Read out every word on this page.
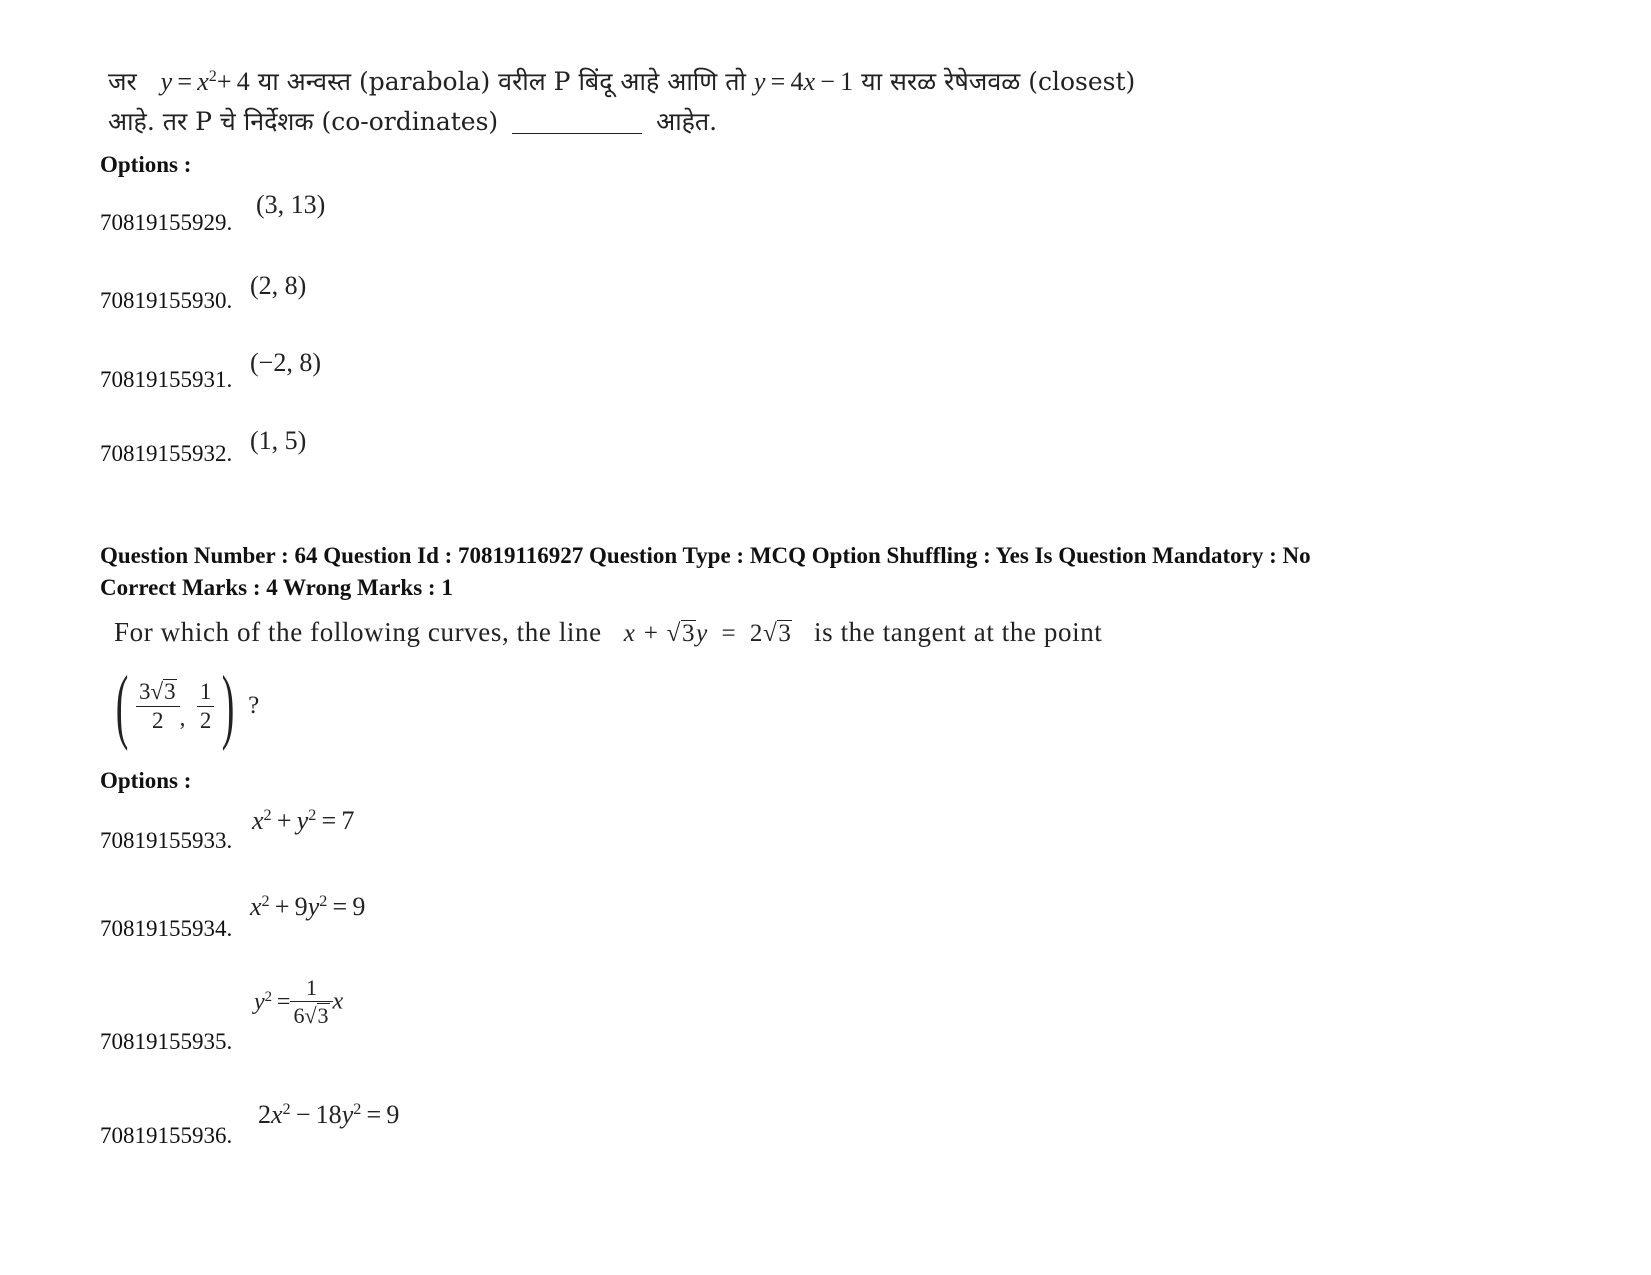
जर $y = x^2+ 4$ या अन्वस्त (parabola) वरील P बिंदू आहे आणि तो y = 4x − 1 या सरळ रेषेजवळ (closest)
आहे. तर P चे निर्देशक (co-ordinates)	आहेत.
Options :
70819155929.
(3, 13)
70819155930.
(2, 8)
70819155931.
(−2, 8)
70819155932. (1, 5)
Question Number : 64 Question Id : 70819116927 Question Type : MCQ Option Shuffling : Yes Is Question Mandatory : No
Correct Marks : 4 Wrong Marks : 1
For which of the following curves, the line x + √3y = 2√3 is the tangent at the point
( $\frac{3√3}{2}$ , $\frac{1}{2}$ ) ?
Options :
70819155933.
$x^2 + y^2 = 7$
70819155934.
$x^2 + 9y^2 = 9$
70819155935.
$y^2 = \frac{1}{6√3}$ x
70819155936.
$2x^2 - 18y^2 = 9$
